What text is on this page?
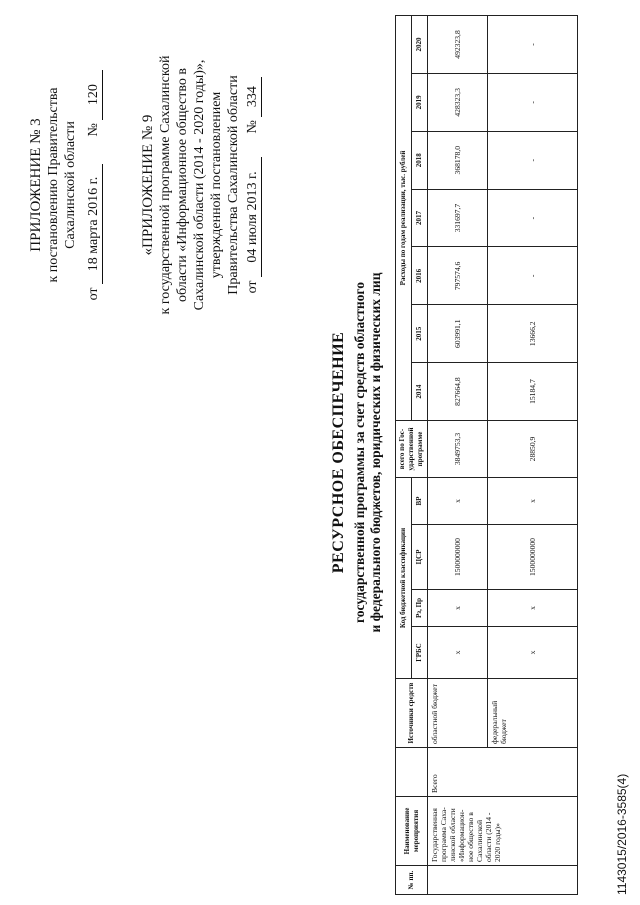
ПРИЛОЖЕНИЕ № 3 к постановлению Правительства Сахалинской области
от 18 марта 2016 г. № 120
«ПРИЛОЖЕНИЕ № 9 к государственной программе Сахалинской области «Информационное общество в Сахалинской области (2014 - 2020 годы)», утвержденной постановлением Правительства Сахалинской области от 04 июля 2013 г. № 334
РЕСУРСНОЕ ОБЕСПЕЧЕНИЕ государственной программы за счет средств областного и федерального бюджетов, юридических и физических лиц
№ пп.	Наименование мероприятия		Источники средств	Код бюджетной классификации				всего по Гос-ударственной программе	Расходы по годам реализации, тыс. рублей						
				ГРБС	Рз, Пр	ЦСР	ВР		2014	2015	2016	2017	2018	2019	2020
	Государственная программа Саха-линской области «Информацион-ное общество в Сахалинской области (2014 - 2020 годы)»	Всего	областной бюджет	x	x	1500000000	x	3849753,3	827664,8	603991,1	797574,6	331697,7	368178,0	428323,3	492323,8
			федеральный бюджет	x	x	1500000000	x	28850,9	15184,7	13666,2	-	-	-	-	-
1143015/2016-3585(4)
